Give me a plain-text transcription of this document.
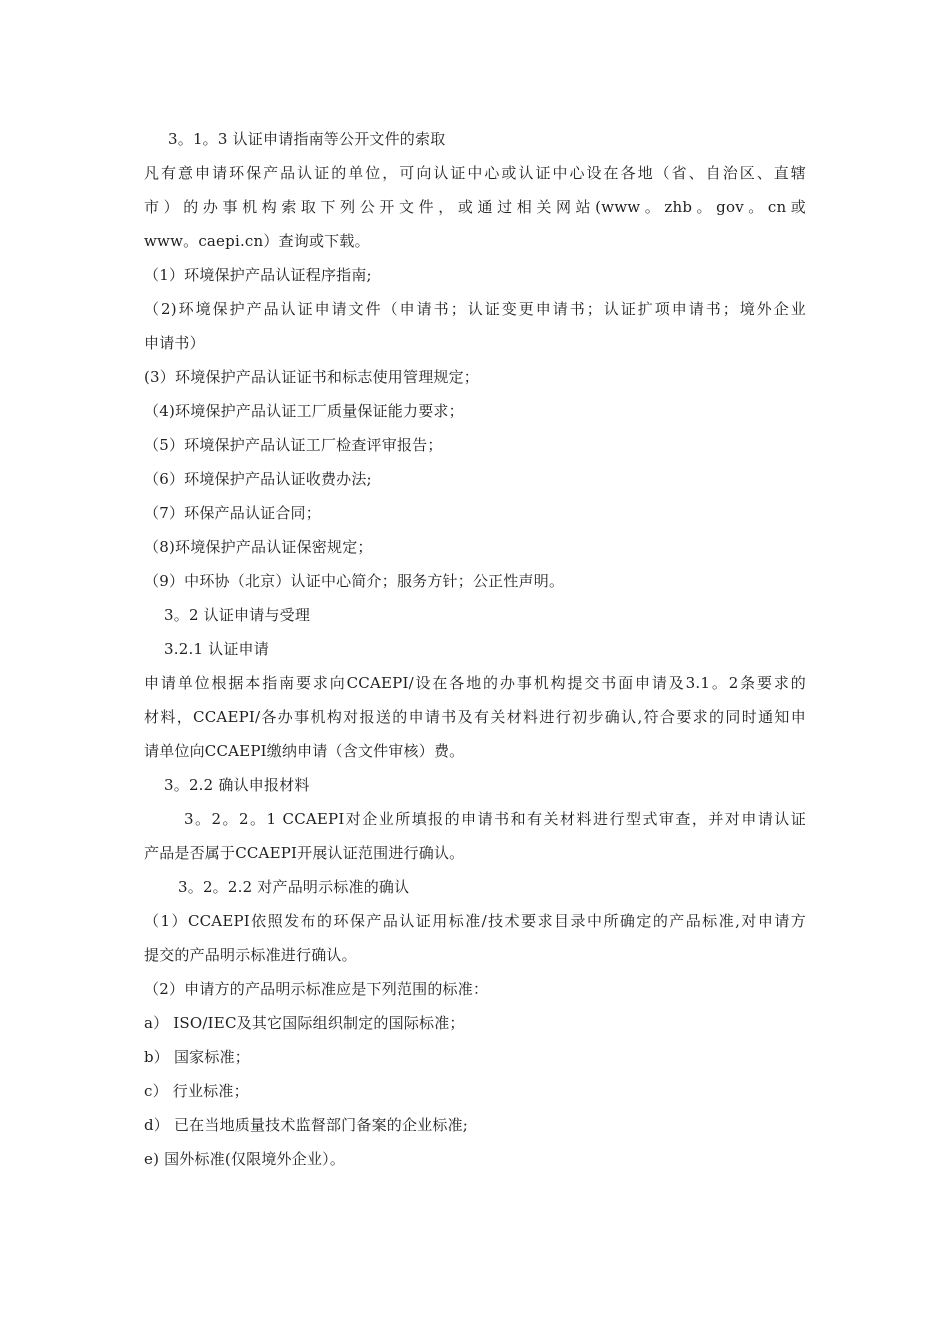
3。1。3 认证申请指南等公开文件的索取
凡有意申请环保产品认证的单位，可向认证中心或认证中心设在各地（省、自治区、直辖
市）的办事机构索取下列公开文件，或通过相关网站(www。zhb。gov。cn或
www。caepi.cn）查询或下载。
（1）环境保护产品认证程序指南;
（2)环境保护产品认证申请文件（申请书；认证变更申请书；认证扩项申请书；境外企业
申请书）
(3）环境保护产品认证证书和标志使用管理规定；
（4)环境保护产品认证工厂质量保证能力要求；
（5）环境保护产品认证工厂检查评审报告；
（6）环境保护产品认证收费办法;
（7）环保产品认证合同；
（8)环境保护产品认证保密规定；
（9）中环协（北京）认证中心简介；服务方针；公正性声明。
3。2 认证申请与受理
3.2.1 认证申请
申请单位根据本指南要求向CCAEPI/设在各地的办事机构提交书面申请及3.1。2条要求的
材料，CCAEPI/各办事机构对报送的申请书及有关材料进行初步确认,符合要求的同时通知申
请单位向CCAEPI缴纳申请（含文件审核）费。
3。2.2 确认申报材料
3。2。2。1 CCAEPI对企业所填报的申请书和有关材料进行型式审查，并对申请认证
产品是否属于CCAEPI开展认证范围进行确认。
3。2。2.2 对产品明示标准的确认
（1）CCAEPI依照发布的环保产品认证用标准/技术要求目录中所确定的产品标准,对申请方
提交的产品明示标准进行确认。
（2）申请方的产品明示标准应是下列范围的标准：
a） ISO/IEC及其它国际组织制定的国际标准；
b） 国家标准；
c） 行业标准；
d） 已在当地质量技术监督部门备案的企业标准;
e) 国外标准(仅限境外企业）。
